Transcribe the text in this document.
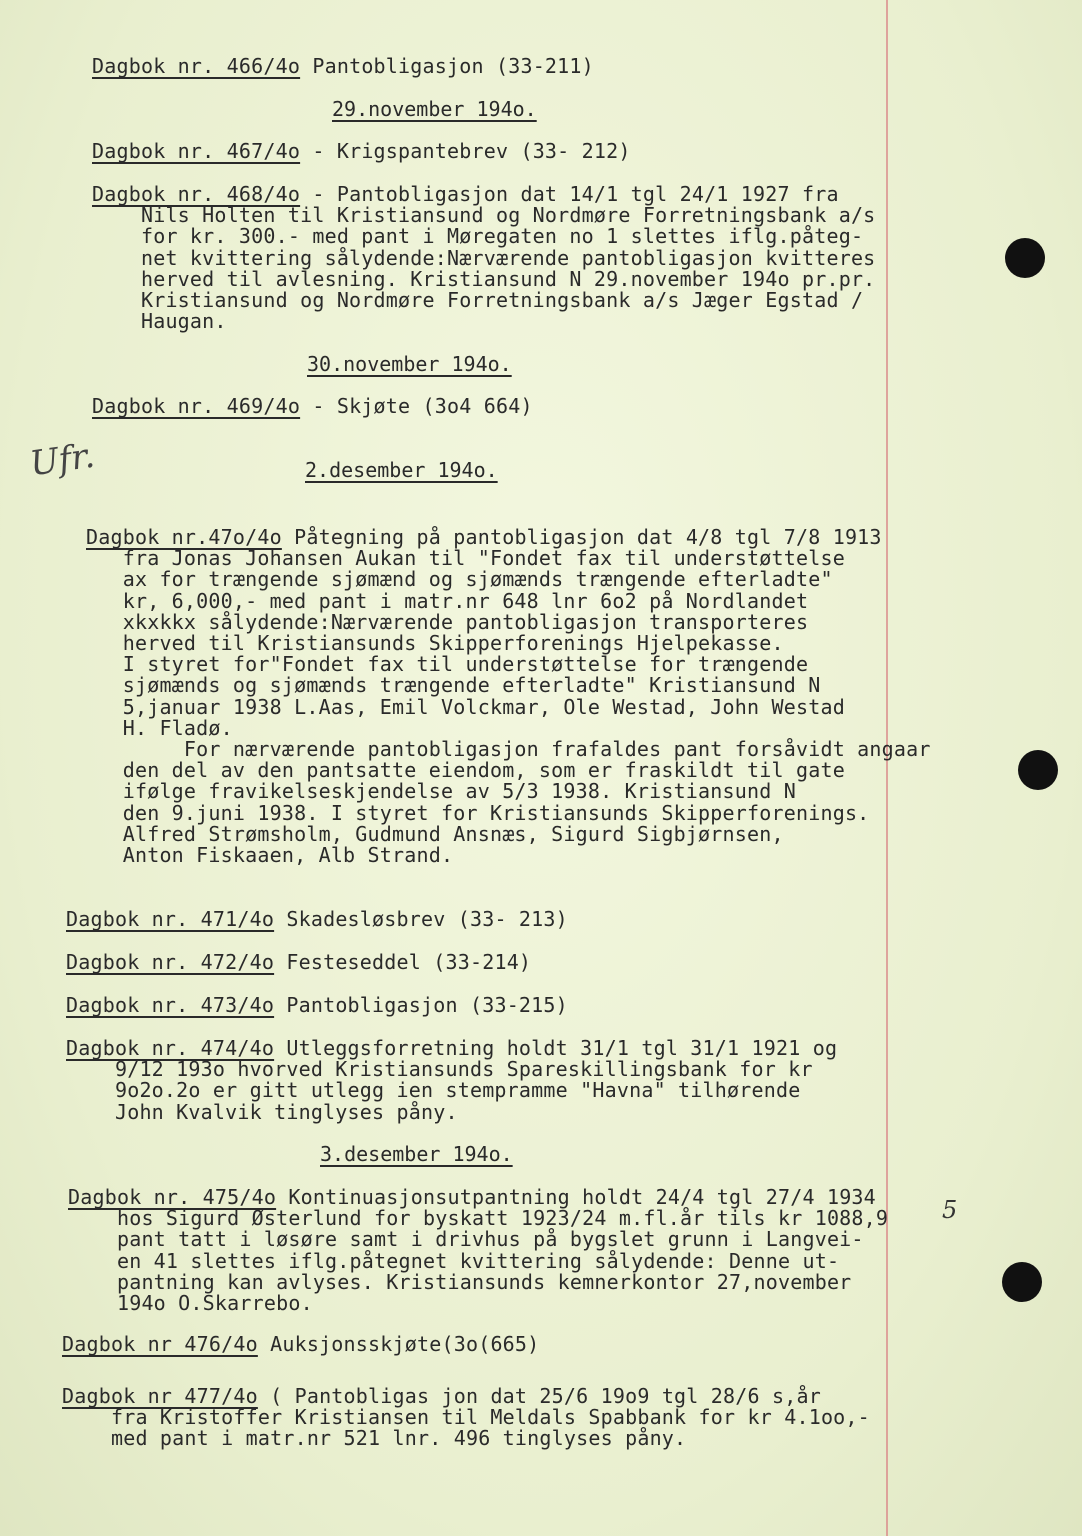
Ufr.
5
Dagbok nr. 466/4o Pantobligasjon (33-211)
29.november 194o.
Dagbok nr. 467/4o - Krigspantebrev (33- 212)
Dagbok nr. 468/4o - Pantobligasjon dat 14/1 tgl 24/1 1927 fra
Nils Holten til Kristiansund og Nordmøre Forretningsbank a/s
for kr. 300.- med pant i Møregaten no 1 slettes iflg.påteg-
net kvittering sålydende:Nærværende pantobligasjon kvitteres
herved til avlesning. Kristiansund N 29.november 194o pr.pr.
Kristiansund og Nordmøre Forretningsbank a/s Jæger Egstad /
Haugan.
30.november 194o.
Dagbok nr. 469/4o - Skjøte (3o4 664)
2.desember 194o.
Dagbok nr.47o/4o Påtegning på pantobligasjon dat 4/8 tgl 7/8 1913
fra Jonas Johansen Aukan til "Fondet fax til understøttelse
ax for trængende sjømænd og sjømænds trængende efterladte"
kr, 6,000,- med pant i matr.nr 648 lnr 6o2 på Nordlandet
xkxkkx sålydende:Nærværende pantobligasjon transporteres
herved til Kristiansunds Skipperforenings Hjelpekasse.
I styret for"Fondet fax til understøttelse for trængende
sjømænds og sjømænds trængende efterladte" Kristiansund N
5,januar 1938 L.Aas, Emil Volckmar, Ole Westad, John Westad
H. Fladø.
For nærværende pantobligasjon frafaldes pant forsåvidt angaar
den del av den pantsatte eiendom, som er fraskildt til gate
ifølge fravikelseskjendelse av 5/3 1938. Kristiansund N
den 9.juni 1938. I styret for Kristiansunds Skipperforenings.
Alfred Strømsholm, Gudmund Ansnæs, Sigurd Sigbjørnsen,
Anton Fiskaaen, Alb Strand.
Dagbok nr. 471/4o Skadesløsbrev (33- 213)
Dagbok nr. 472/4o Festeseddel (33-214)
Dagbok nr. 473/4o Pantobligasjon (33-215)
Dagbok nr. 474/4o Utleggsforretning holdt 31/1 tgl 31/1 1921 og
9/12 193o hvorved Kristiansunds Spareskillingsbank for kr
9o2o.2o er gitt utlegg ien stempramme "Havna" tilhørende
John Kvalvik tinglyses påny.
3.desember 194o.
Dagbok nr. 475/4o Kontinuasjonsutpantning holdt 24/4 tgl 27/4 1934
hos Sigurd Østerlund for byskatt 1923/24 m.fl.år tils kr 1088,9
pant tatt i løsøre samt i drivhus på bygslet grunn i Langvei-
en 41 slettes iflg.påtegnet kvittering sålydende: Denne ut-
pantning kan avlyses. Kristiansunds kemnerkontor 27,november
194o O.Skarrebo.
Dagbok nr 476/4o Auksjonsskjøte(3o(665)
Dagbok nr 477/4o ( Pantobligas jon dat 25/6 19o9 tgl 28/6 s,år
fra Kristoffer Kristiansen til Meldals Spabbank for kr 4.1oo,-
med pant i matr.nr 521 lnr. 496 tinglyses påny.
